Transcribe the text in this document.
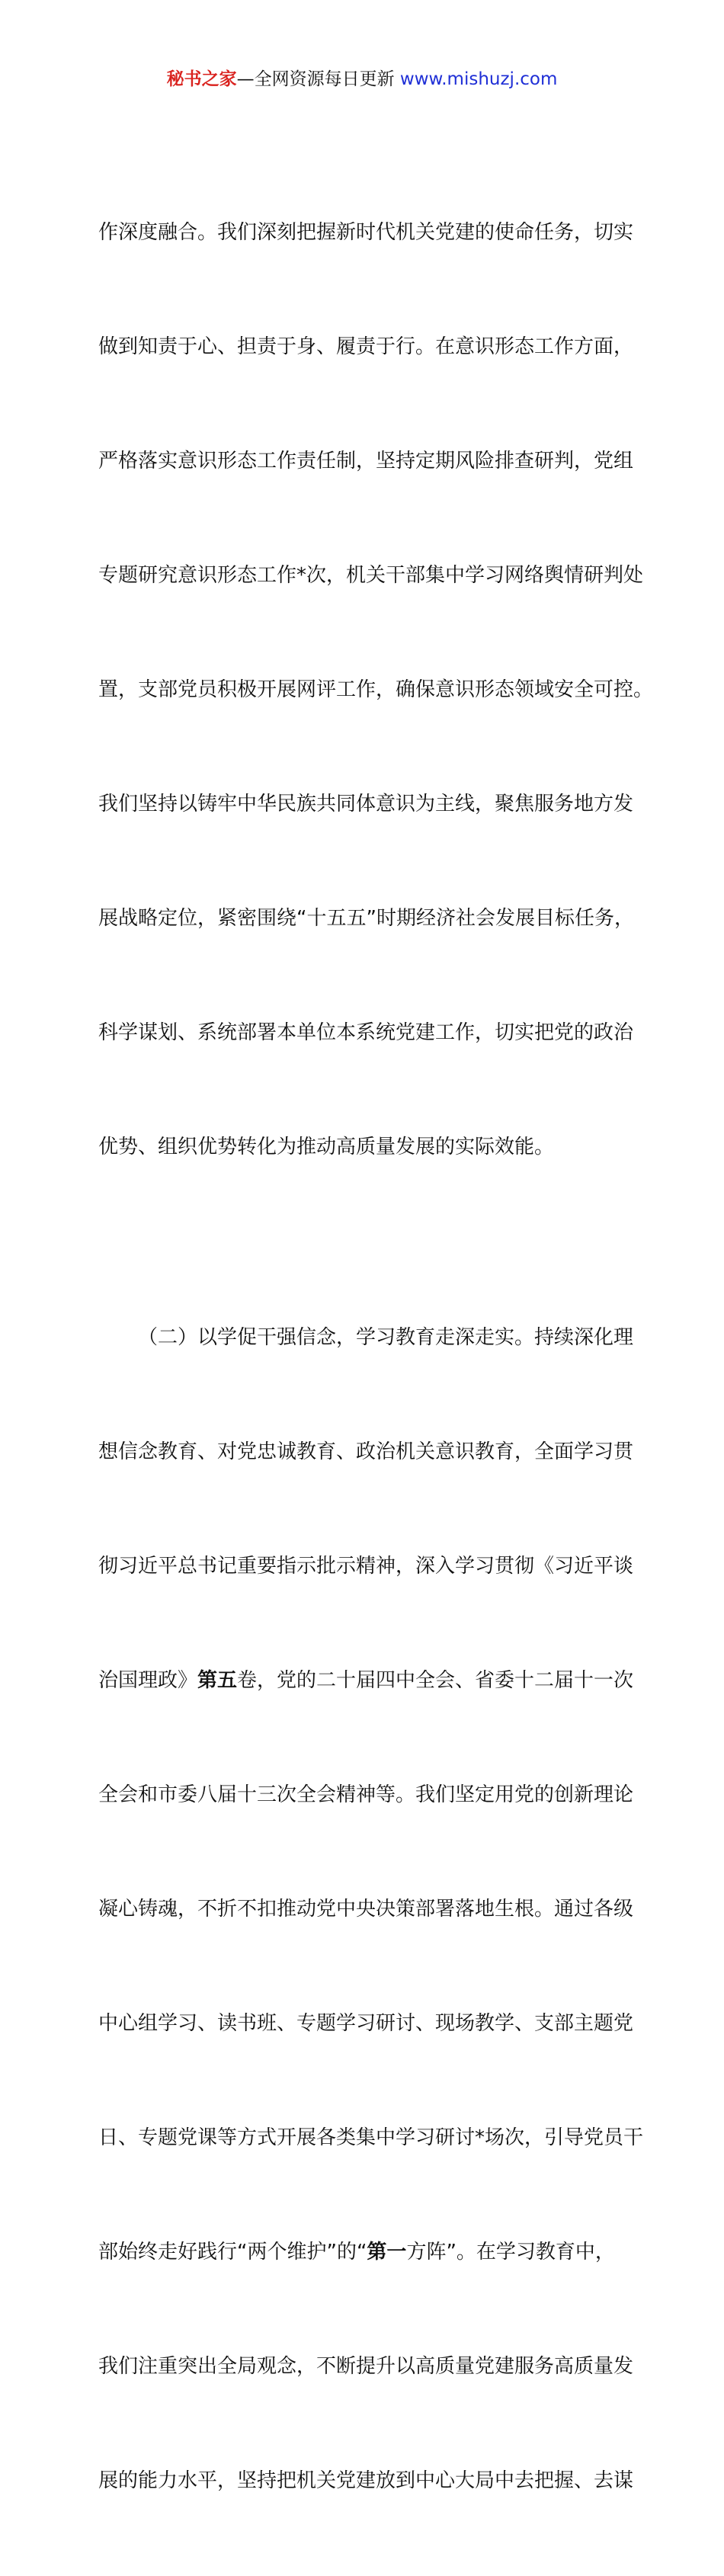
秘书之家—全网资源每日更新 www.mishuzj.com

作深度融合。我们深刻把握新时代机关党建的使命任务，切实

做到知责于心、担责于身、履责于行。在意识形态工作方面，

严格落实意识形态工作责任制，坚持定期风险排查研判，党组

专题研究意识形态工作*次，机关干部集中学习网络舆情研判处

置，支部党员积极开展网评工作，确保意识形态领域安全可控。

我们坚持以铸牢中华民族共同体意识为主线，聚焦服务地方发

展战略定位，紧密围绕“十五五”时期经济社会发展目标任务，

科学谋划、系统部署本单位本系统党建工作，切实把党的政治

优势、组织优势转化为推动高质量发展的实际效能。

（二）以学促干强信念，学习教育走深走实。持续深化理

想信念教育、对党忠诚教育、政治机关意识教育，全面学习贯

彻习近平总书记重要指示批示精神，深入学习贯彻《习近平谈

治国理政》第五卷，党的二十届四中全会、省委十二届十一次

全会和市委八届十三次全会精神等。我们坚定用党的创新理论

凝心铸魂，不折不扣推动党中央决策部署落地生根。通过各级

中心组学习、读书班、专题学习研讨、现场教学、支部主题党

日、专题党课等方式开展各类集中学习研讨*场次，引导党员干

部始终走好践行“两个维护”的“第一方阵”。在学习教育中，

我们注重突出全局观念，不断提升以高质量党建服务高质量发

展的能力水平，坚持把机关党建放到中心大局中去把握、去谋
